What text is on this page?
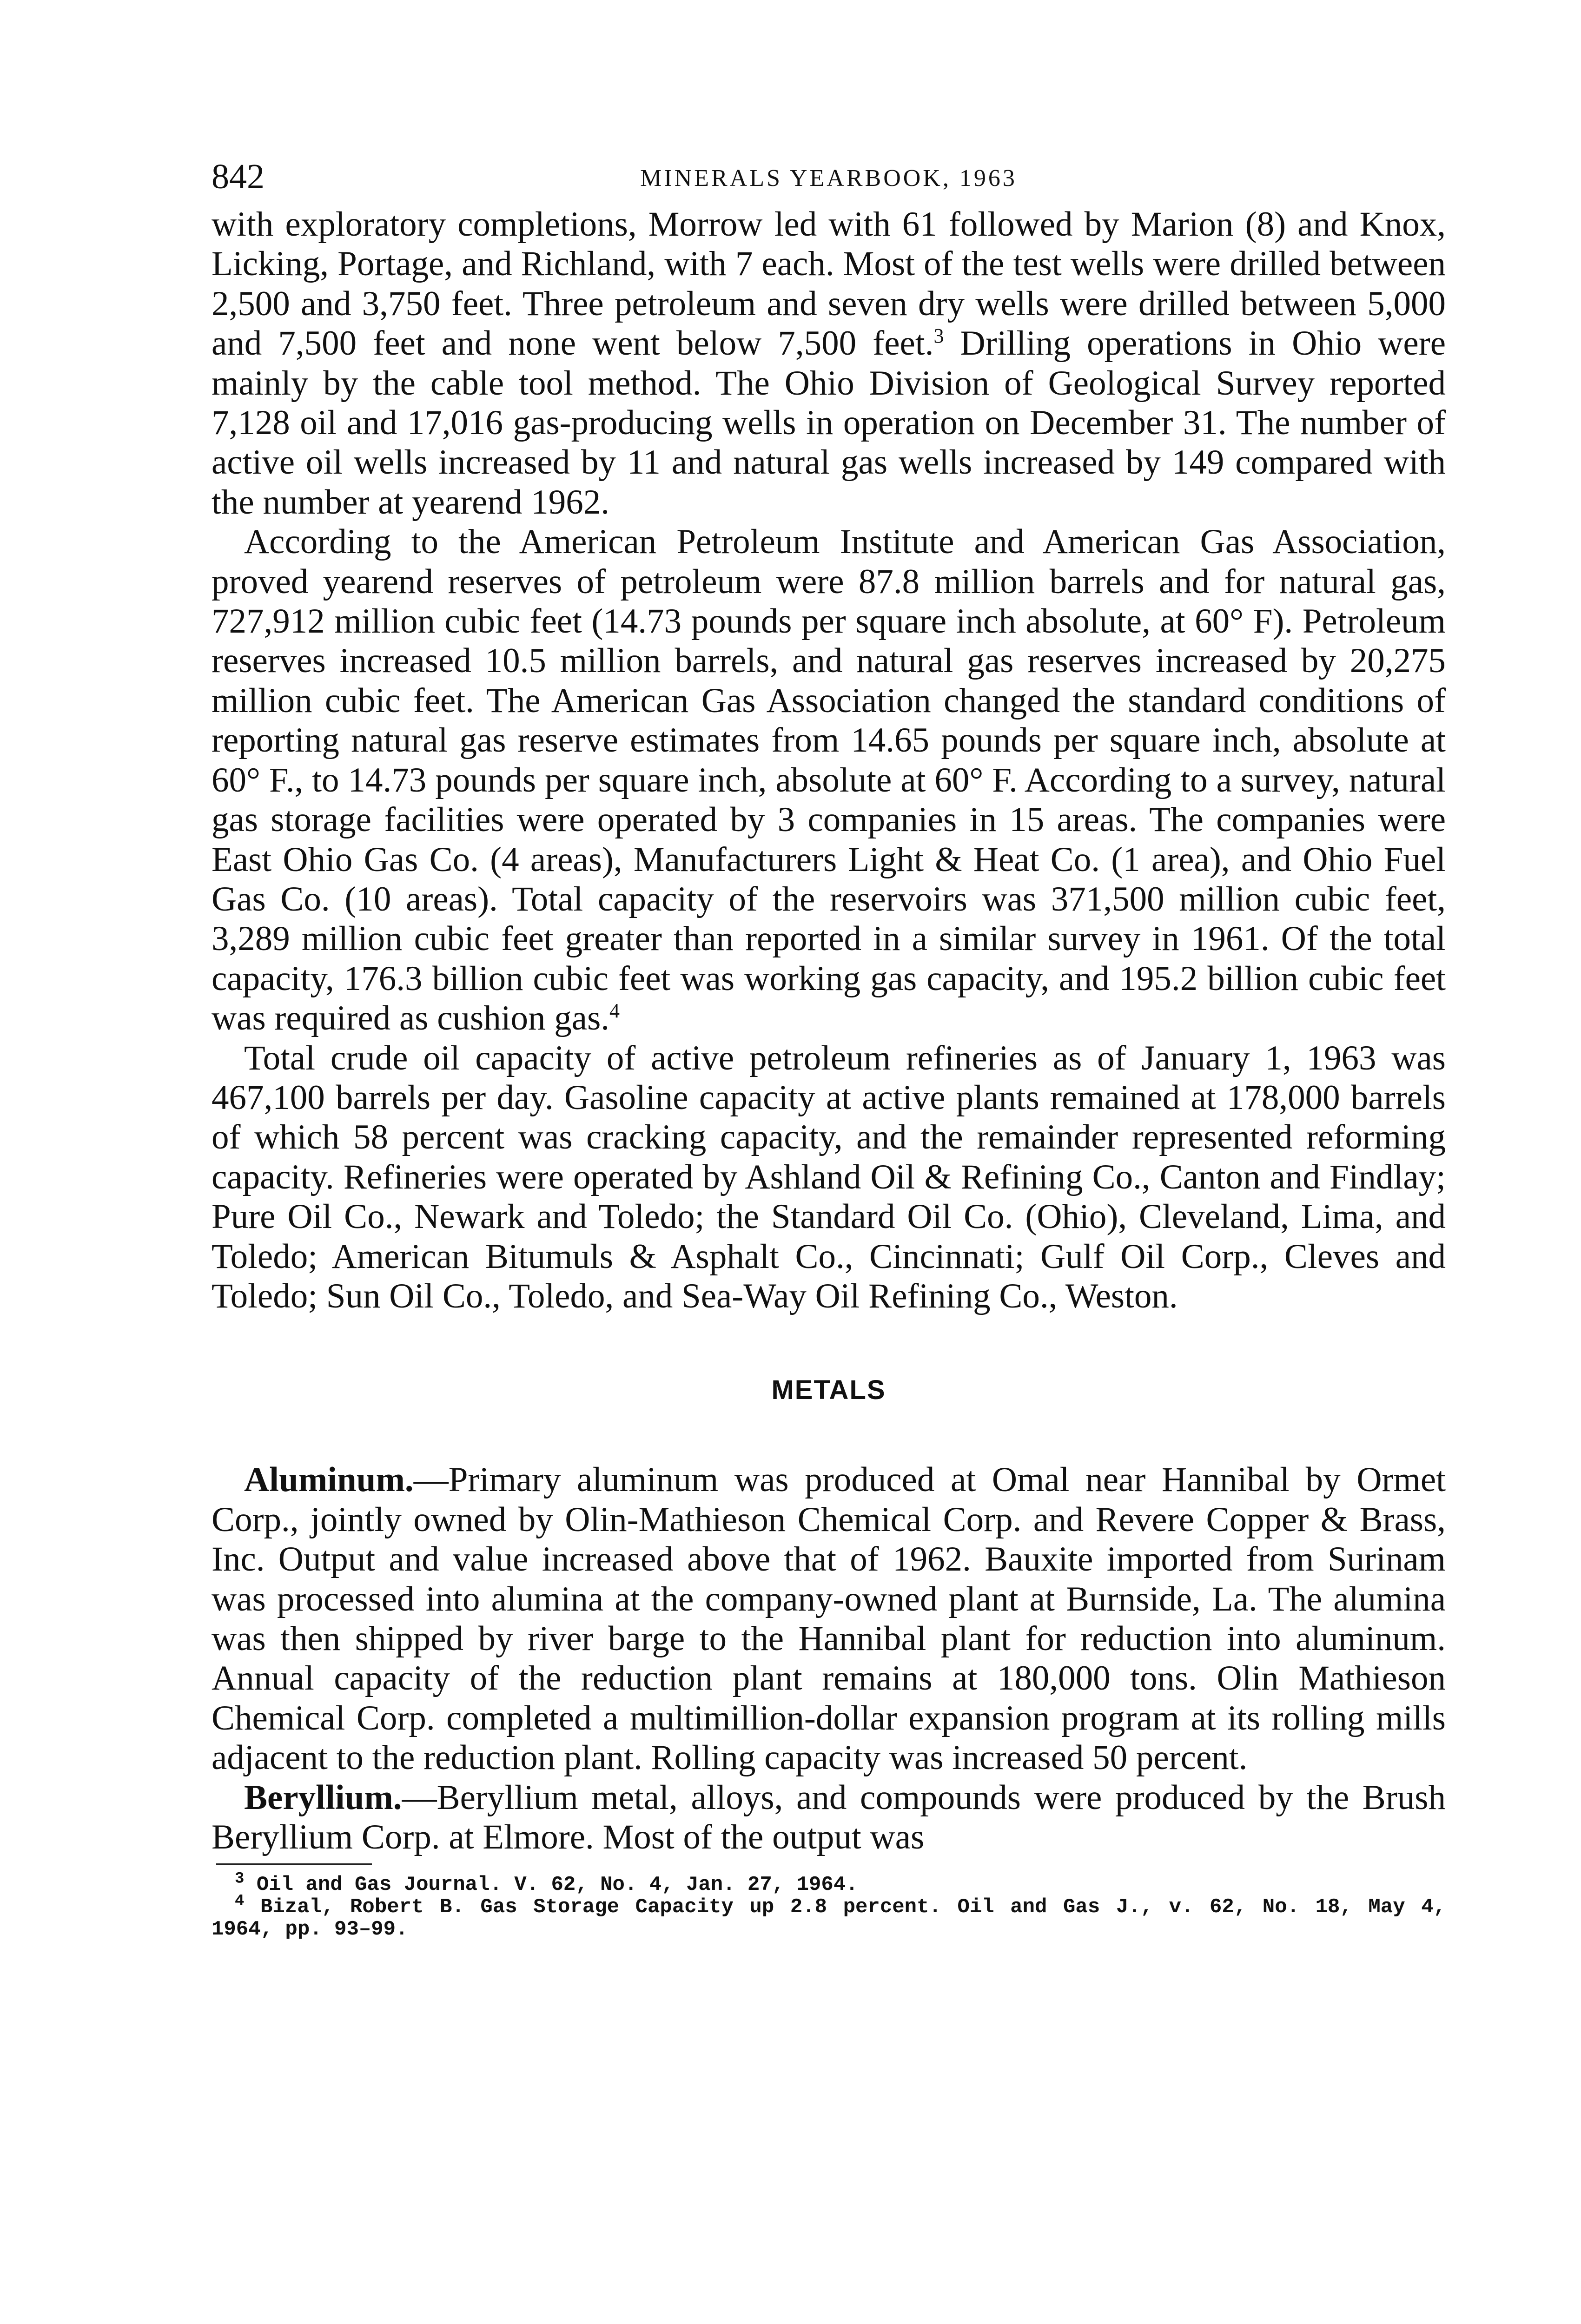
842	MINERALS YEARBOOK, 1963

with exploratory completions, Morrow led with 61 followed by Marion (8) and Knox, Licking, Portage, and Richland, with 7 each. Most of the test wells were drilled between 2,500 and 3,750 feet. Three petroleum and seven dry wells were drilled between 5,000 and 7,500 feet and none went below 7,500 feet.$^3$ Drilling operations in Ohio were mainly by the cable tool method. The Ohio Division of Geological Survey reported 7,128 oil and 17,016 gas-producing wells in operation on December 31. The number of active oil wells increased by 11 and natural gas wells increased by 149 compared with the number at yearend 1962.

According to the American Petroleum Institute and American Gas Association, proved yearend reserves of petroleum were 87.8 million barrels and for natural gas, 727,912 million cubic feet (14.73 pounds per square inch absolute, at 60° F). Petroleum reserves increased 10.5 million barrels, and natural gas reserves increased by 20,275 million cubic feet. The American Gas Association changed the standard conditions of reporting natural gas reserve estimates from 14.65 pounds per square inch, absolute at 60° F., to 14.73 pounds per square inch, absolute at 60° F. According to a survey, natural gas storage facilities were operated by 3 companies in 15 areas. The companies were East Ohio Gas Co. (4 areas), Manufacturers Light & Heat Co. (1 area), and Ohio Fuel Gas Co. (10 areas). Total capacity of the reservoirs was 371,500 million cubic feet, 3,289 million cubic feet greater than reported in a similar survey in 1961. Of the total capacity, 176.3 billion cubic feet was working gas capacity, and 195.2 billion cubic feet was required as cushion gas.$^4$

Total crude oil capacity of active petroleum refineries as of January 1, 1963 was 467,100 barrels per day. Gasoline capacity at active plants remained at 178,000 barrels of which 58 percent was cracking capacity, and the remainder represented reforming capacity. Refineries were operated by Ashland Oil & Refining Co., Canton and Findlay; Pure Oil Co., Newark and Toledo; the Standard Oil Co. (Ohio), Cleveland, Lima, and Toledo; American Bitumuls & Asphalt Co., Cincinnati; Gulf Oil Corp., Cleves and Toledo; Sun Oil Co., Toledo, and Sea-Way Oil Refining Co., Weston.

METALS

Aluminum.—Primary aluminum was produced at Omal near Hannibal by Ormet Corp., jointly owned by Olin-Mathieson Chemical Corp. and Revere Copper & Brass, Inc. Output and value increased above that of 1962. Bauxite imported from Surinam was processed into alumina at the company-owned plant at Burnside, La. The alumina was then shipped by river barge to the Hannibal plant for reduction into aluminum. Annual capacity of the reduction plant remains at 180,000 tons. Olin Mathieson Chemical Corp. completed a multimillion-dollar expansion program at its rolling mills adjacent to the reduction plant. Rolling capacity was increased 50 percent.

Beryllium.—Beryllium metal, alloys, and compounds were produced by the Brush Beryllium Corp. at Elmore. Most of the output was

$^3$ Oil and Gas Journal. V. 62, No. 4, Jan. 27, 1964.

$^4$ Bizal, Robert B. Gas Storage Capacity up 2.8 percent. Oil and Gas J., v. 62, No. 18, May 4, 1964, pp. 93–99.
